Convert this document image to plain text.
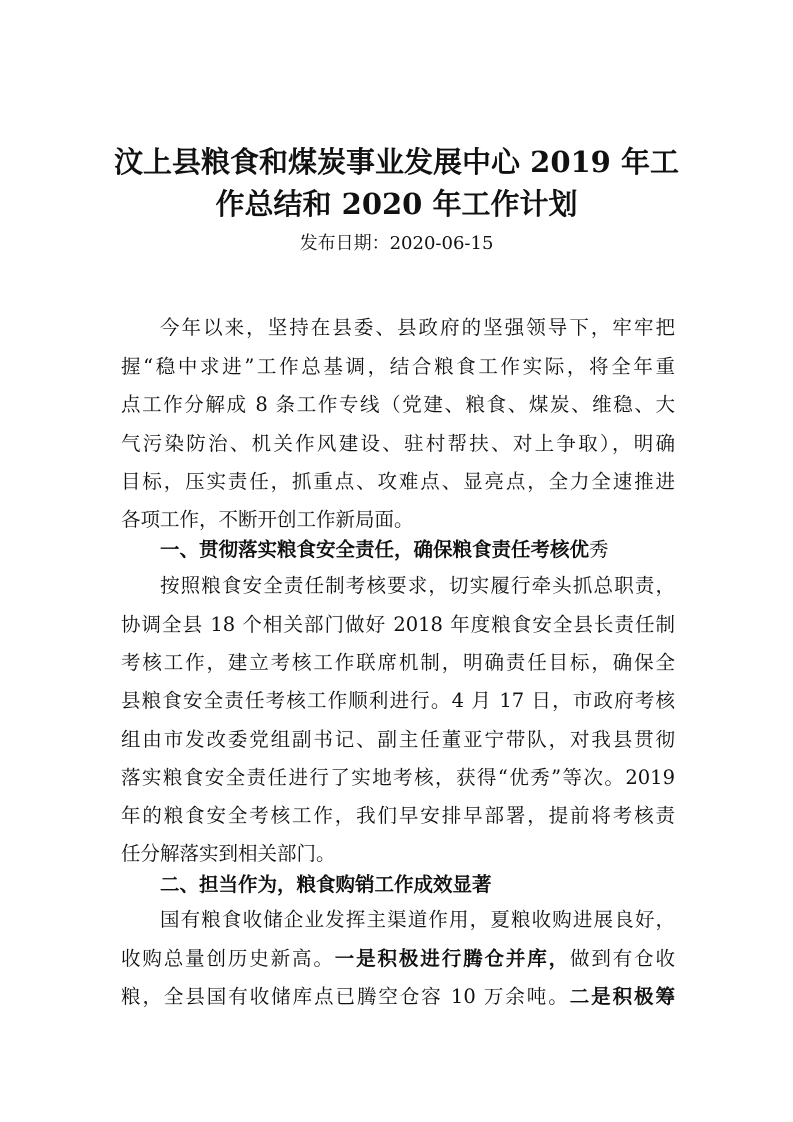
汶上县粮食和煤炭事业发展中心 2019 年工
作总结和 2020 年工作计划
发布日期：2020-06-15
今年以来，坚持在县委、县政府的坚强领导下，牢牢把
握“稳中求进”工作总基调，结合粮食工作实际，将全年重
点工作分解成 8 条工作专线（党建、粮食、煤炭、维稳、大
气污染防治、机关作风建设、驻村帮扶、对上争取），明确
目标，压实责任，抓重点、攻难点、显亮点，全力全速推进
各项工作，不断开创工作新局面。
一、贯彻落实粮食安全责任，确保粮食责任考核优秀
按照粮食安全责任制考核要求，切实履行牵头抓总职责，
协调全县 18 个相关部门做好 2018 年度粮食安全县长责任制
考核工作，建立考核工作联席机制，明确责任目标，确保全
县粮食安全责任考核工作顺利进行。4 月 17 日，市政府考核
组由市发改委党组副书记、副主任董亚宁带队，对我县贯彻
落实粮食安全责任进行了实地考核，获得“优秀”等次。2019
年的粮食安全考核工作，我们早安排早部署，提前将考核责
任分解落实到相关部门。
二、担当作为，粮食购销工作成效显著
国有粮食收储企业发挥主渠道作用，夏粮收购进展良好，
收购总量创历史新高。一是积极进行腾仓并库，做到有仓收
粮，全县国有收储库点已腾空仓容 10 万余吨。二是积极筹
